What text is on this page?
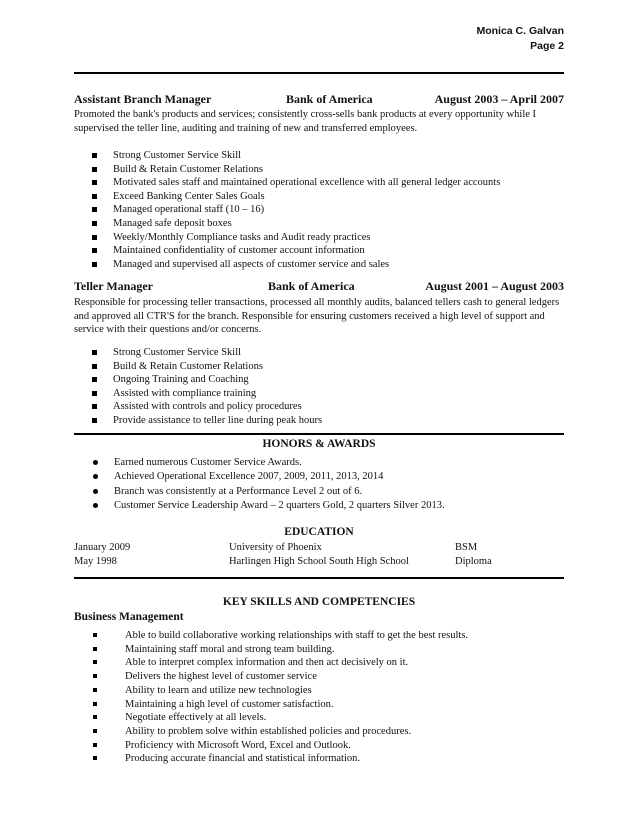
Monica C. Galvan
Page 2
Assistant Branch Manager	Bank of America	August 2003 – April 2007
Promoted the bank's products and services; consistently cross-sells bank products at every opportunity while I supervised the teller line, auditing and training of new and transferred employees.
Strong Customer Service Skill
Build & Retain Customer Relations
Motivated sales staff and maintained operational excellence with all general ledger accounts
Exceed Banking Center Sales Goals
Managed operational staff (10 – 16)
Managed safe deposit boxes
Weekly/Monthly Compliance tasks and Audit ready practices
Maintained confidentiality of customer account information
Managed and supervised all aspects of customer service and sales
Teller Manager	Bank of America	August 2001 – August 2003
Responsible for processing teller transactions, processed all monthly audits, balanced tellers cash to general ledgers and approved all CTR'S for the branch. Responsible for ensuring customers received a high level of support and service with their questions and/or concerns.
Strong Customer Service Skill
Build & Retain Customer Relations
Ongoing Training and Coaching
Assisted with compliance training
Assisted with controls and policy procedures
Provide assistance to teller line during peak hours
HONORS & AWARDS
Earned numerous Customer Service Awards.
Achieved Operational Excellence 2007, 2009, 2011, 2013, 2014
Branch was consistently at a Performance Level 2 out of 6.
Customer Service Leadership Award – 2 quarters Gold, 2 quarters Silver 2013.
EDUCATION
January 2009	University of Phoenix	BSM
May 1998	Harlingen High School South High School	Diploma
KEY SKILLS AND COMPETENCIES
Business Management
Able to build collaborative working relationships with staff to get the best results.
Maintaining staff moral and strong team building.
Able to interpret complex information and then act decisively on it.
Delivers the highest level of customer service
Ability to learn and utilize new technologies
Maintaining a high level of customer satisfaction.
Negotiate effectively at all levels.
Ability to problem solve within established policies and procedures.
Proficiency with Microsoft Word, Excel and Outlook.
Producing accurate financial and statistical information.
